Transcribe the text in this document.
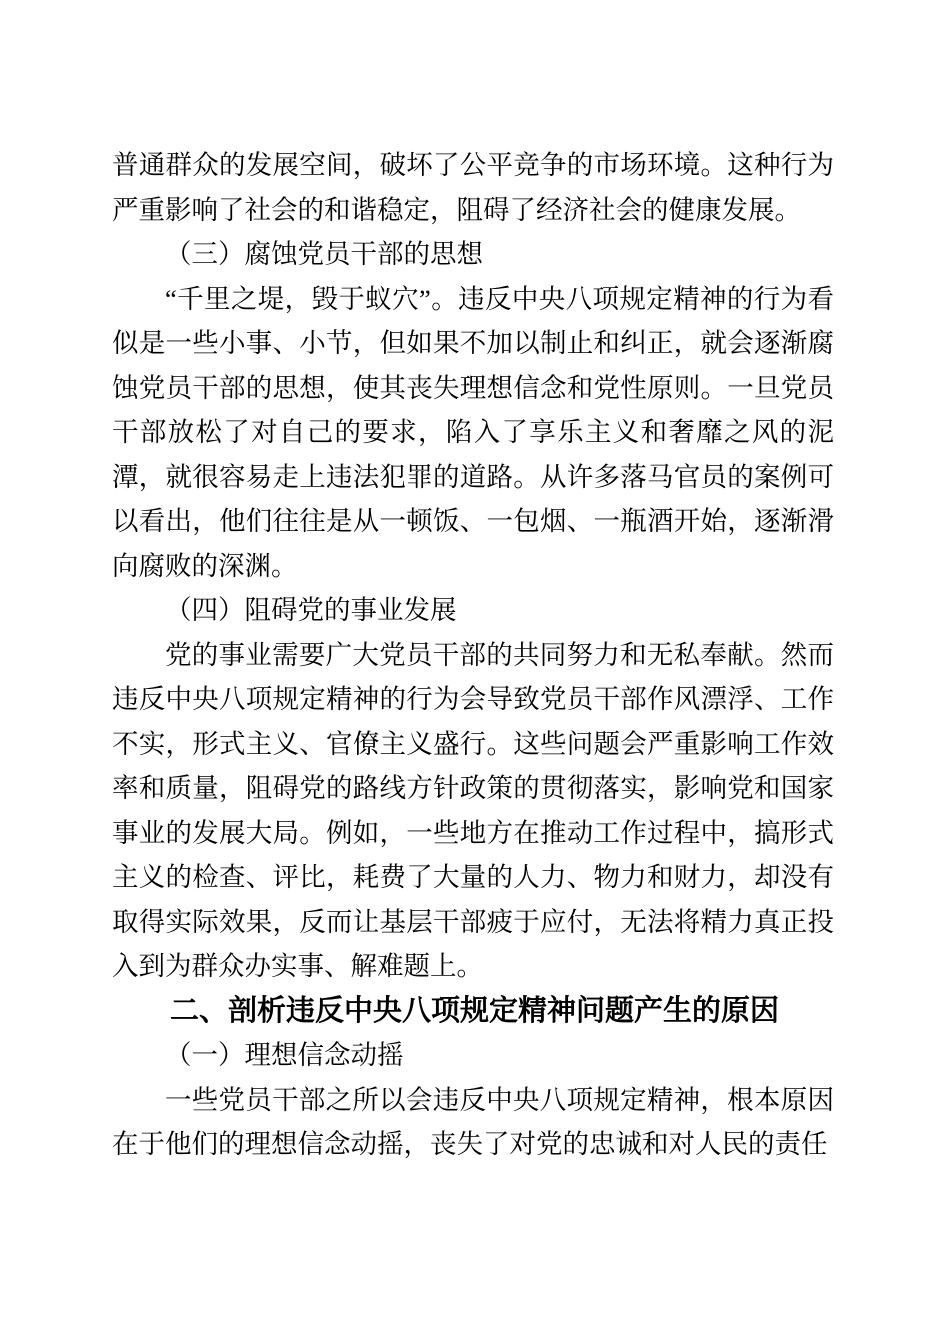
普通群众的发展空间，破坏了公平竞争的市场环境。这种行为严重影响了社会的和谐稳定，阻碍了经济社会的健康发展。
（三）腐蚀党员干部的思想
“千里之堤，毁于蚁穴”。违反中央八项规定精神的行为看似是一些小事、小节，但如果不加以制止和纠正，就会逐渐腐蚀党员干部的思想，使其丧失理想信念和党性原则。一旦党员干部放松了对自己的要求，陷入了享乐主义和奢靡之风的泥潭，就很容易走上违法犯罪的道路。从许多落马官员的案例可以看出，他们往往是从一顿饭、一包烟、一瓶酒开始，逐渐滑向腐败的深渊。
（四）阻碍党的事业发展
党的事业需要广大党员干部的共同努力和无私奉献。然而违反中央八项规定精神的行为会导致党员干部作风漂浮、工作不实，形式主义、官僚主义盛行。这些问题会严重影响工作效率和质量，阻碍党的路线方针政策的贯彻落实，影响党和国家事业的发展大局。例如，一些地方在推动工作过程中，搞形式主义的检查、评比，耗费了大量的人力、物力和财力，却没有取得实际效果，反而让基层干部疲于应付，无法将精力真正投入到为群众办实事、解难题上。
二、剖析违反中央八项规定精神问题产生的原因
（一）理想信念动摇
一些党员干部之所以会违反中央八项规定精神，根本原因在于他们的理想信念动摇，丧失了对党的忠诚和对人民的责任
